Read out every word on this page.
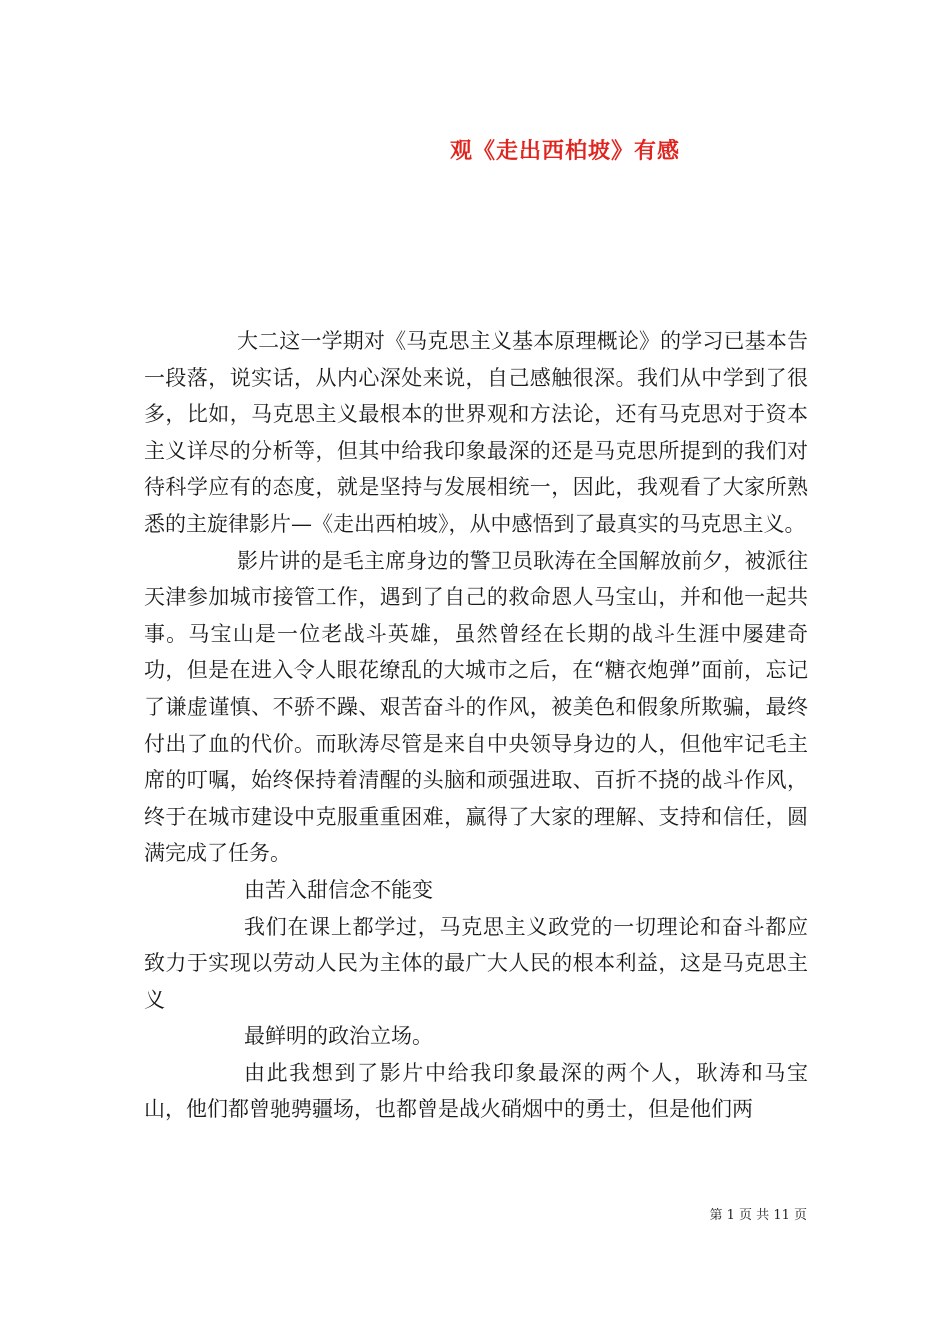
观《走出西柏坡》有感

大二这一学期对《马克思主义基本原理概论》的学习已基本告一段落，说实话，从内心深处来说，自己感触很深。我们从中学到了很多，比如，马克思主义最根本的世界观和方法论，还有马克思对于资本主义详尽的分析等，但其中给我印象最深的还是马克思所提到的我们对待科学应有的态度，就是坚持与发展相统一，因此，我观看了大家所熟悉的主旋律影片—《走出西柏坡》，从中感悟到了最真实的马克思主义。

影片讲的是毛主席身边的警卫员耿涛在全国解放前夕，被派往天津参加城市接管工作，遇到了自己的救命恩人马宝山，并和他一起共事。马宝山是一位老战斗英雄，虽然曾经在长期的战斗生涯中屡建奇功，但是在进入令人眼花缭乱的大城市之后，在“糖衣炮弹”面前，忘记了谦虚谨慎、不骄不躁、艰苦奋斗的作风，被美色和假象所欺骗，最终付出了血的代价。而耿涛尽管是来自中央领导身边的人，但他牢记毛主席的叮嘱，始终保持着清醒的头脑和顽强进取、百折不挠的战斗作风，终于在城市建设中克服重重困难，赢得了大家的理解、支持和信任，圆满完成了任务。

由苦入甜信念不能变

我们在课上都学过，马克思主义政党的一切理论和奋斗都应致力于实现以劳动人民为主体的最广大人民的根本利益，这是马克思主义

最鲜明的政治立场。

由此我想到了影片中给我印象最深的两个人，耿涛和马宝山，他们都曾驰骋疆场，也都曾是战火硝烟中的勇士，但是他们两

第 1 页 共 11 页
